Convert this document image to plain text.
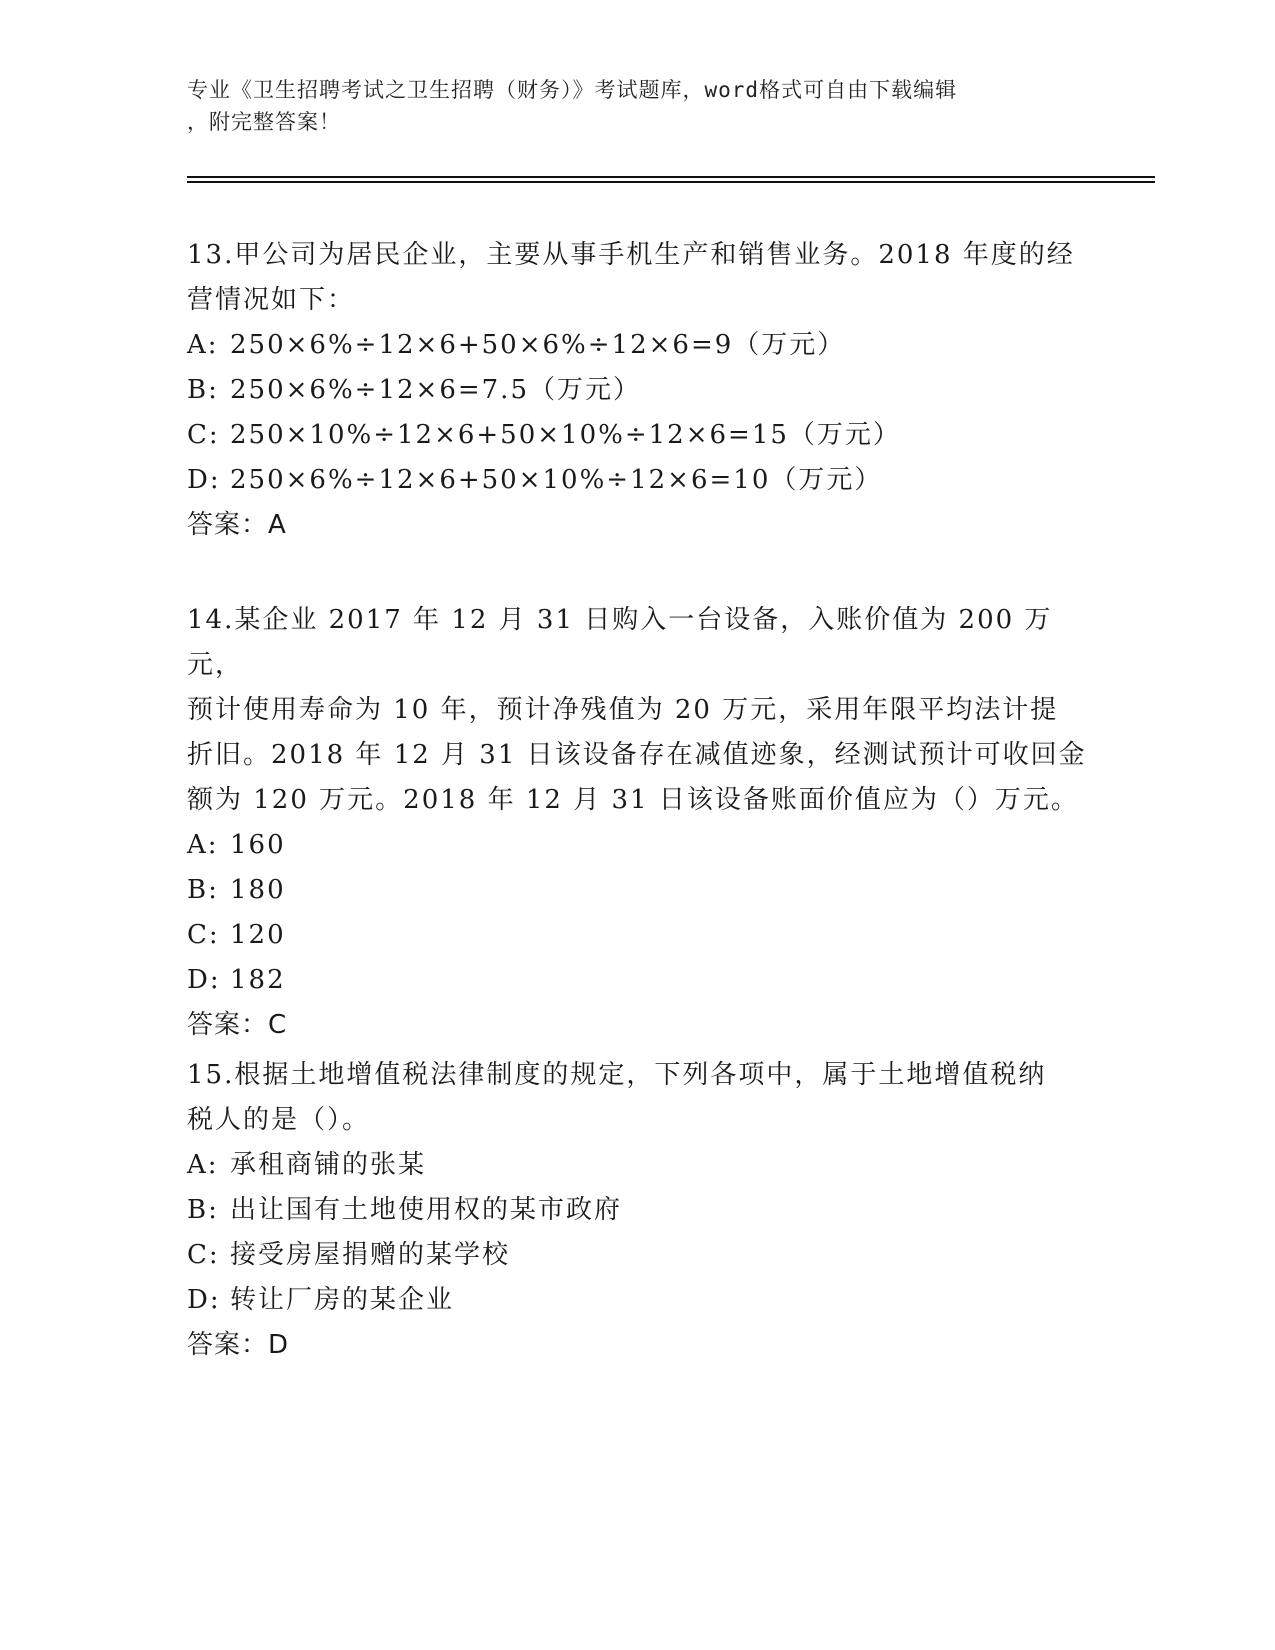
专业《卫生招聘考试之卫生招聘（财务）》考试题库，word格式可自由下载编辑
，附完整答案！

13.甲公司为居民企业，主要从事手机生产和销售业务。2018 年度的经

营情况如下：

A: 250×6%÷12×6+50×6%÷12×6=9（万元）

B: 250×6%÷12×6=7.5（万元）

C: 250×10%÷12×6+50×10%÷12×6=15（万元）

D: 250×6%÷12×6+50×10%÷12×6=10（万元）

答案：A

14.某企业 2017 年 12 月 31 日购入一台设备，入账价值为 200 万元，

预计使用寿命为 10 年，预计净残值为 20 万元，采用年限平均法计提

折旧。2018 年 12 月 31 日该设备存在减值迹象，经测试预计可收回金

额为 120 万元。2018 年 12 月 31 日该设备账面价值应为（）万元。

A: 160

B: 180

C: 120

D: 182

答案：C

15.根据土地增值税法律制度的规定，下列各项中，属于土地增值税纳

税人的是（）。

A: 承租商铺的张某

B: 出让国有土地使用权的某市政府

C: 接受房屋捐赠的某学校

D: 转让厂房的某企业

答案：D
